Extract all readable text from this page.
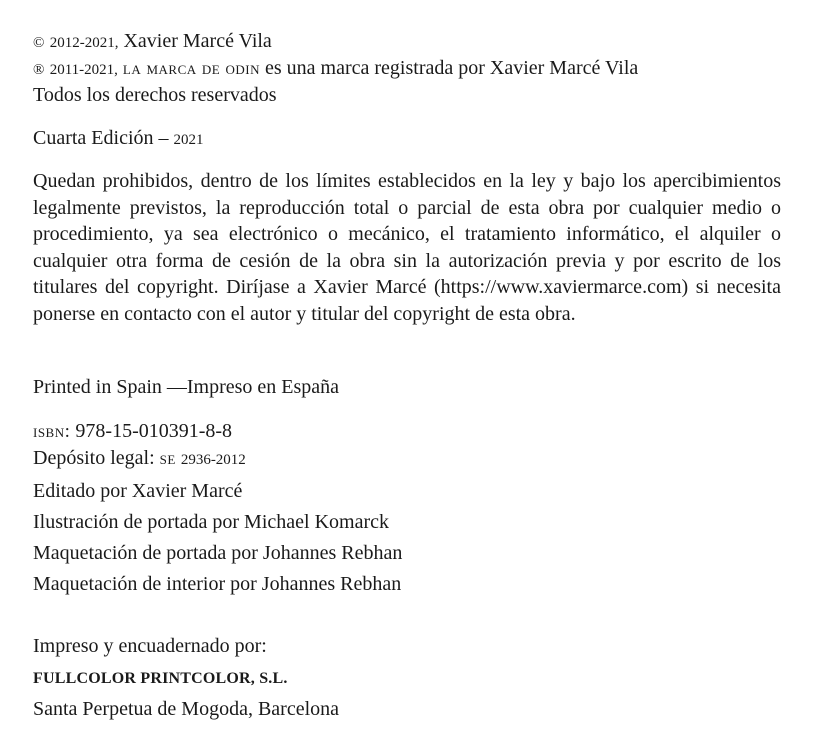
© 2012-2021, Xavier Marcé Vila
® 2011-2021, la marca de odin es una marca registrada por Xavier Marcé Vila
Todos los derechos reservados
Cuarta Edición – 2021
Quedan prohibidos, dentro de los límites establecidos en la ley y bajo los apercibimientos legalmente previstos, la reproducción total o parcial de esta obra por cualquier medio o procedimiento, ya sea electrónico o mecánico, el tratamiento informático, el alquiler o cualquier otra forma de cesión de la obra sin la autorización previa y por escrito de los titulares del copyright. Diríjase a Xavier Marcé (https://www.xaviermarce.com) si necesita ponerse en contacto con el autor y titular del copyright de esta obra.
Printed in Spain —Impreso en España
isbn: 978-15-010391-8-8
Depósito legal: se 2936-2012
Editado por Xavier Marcé
Ilustración de portada por Michael Komarck
Maquetación de portada por Johannes Rebhan
Maquetación de interior por Johannes Rebhan
Impreso y encuadernado por:
FULLCOLOR PRINTCOLOR, S.L.
Santa Perpetua de Mogoda, Barcelona
